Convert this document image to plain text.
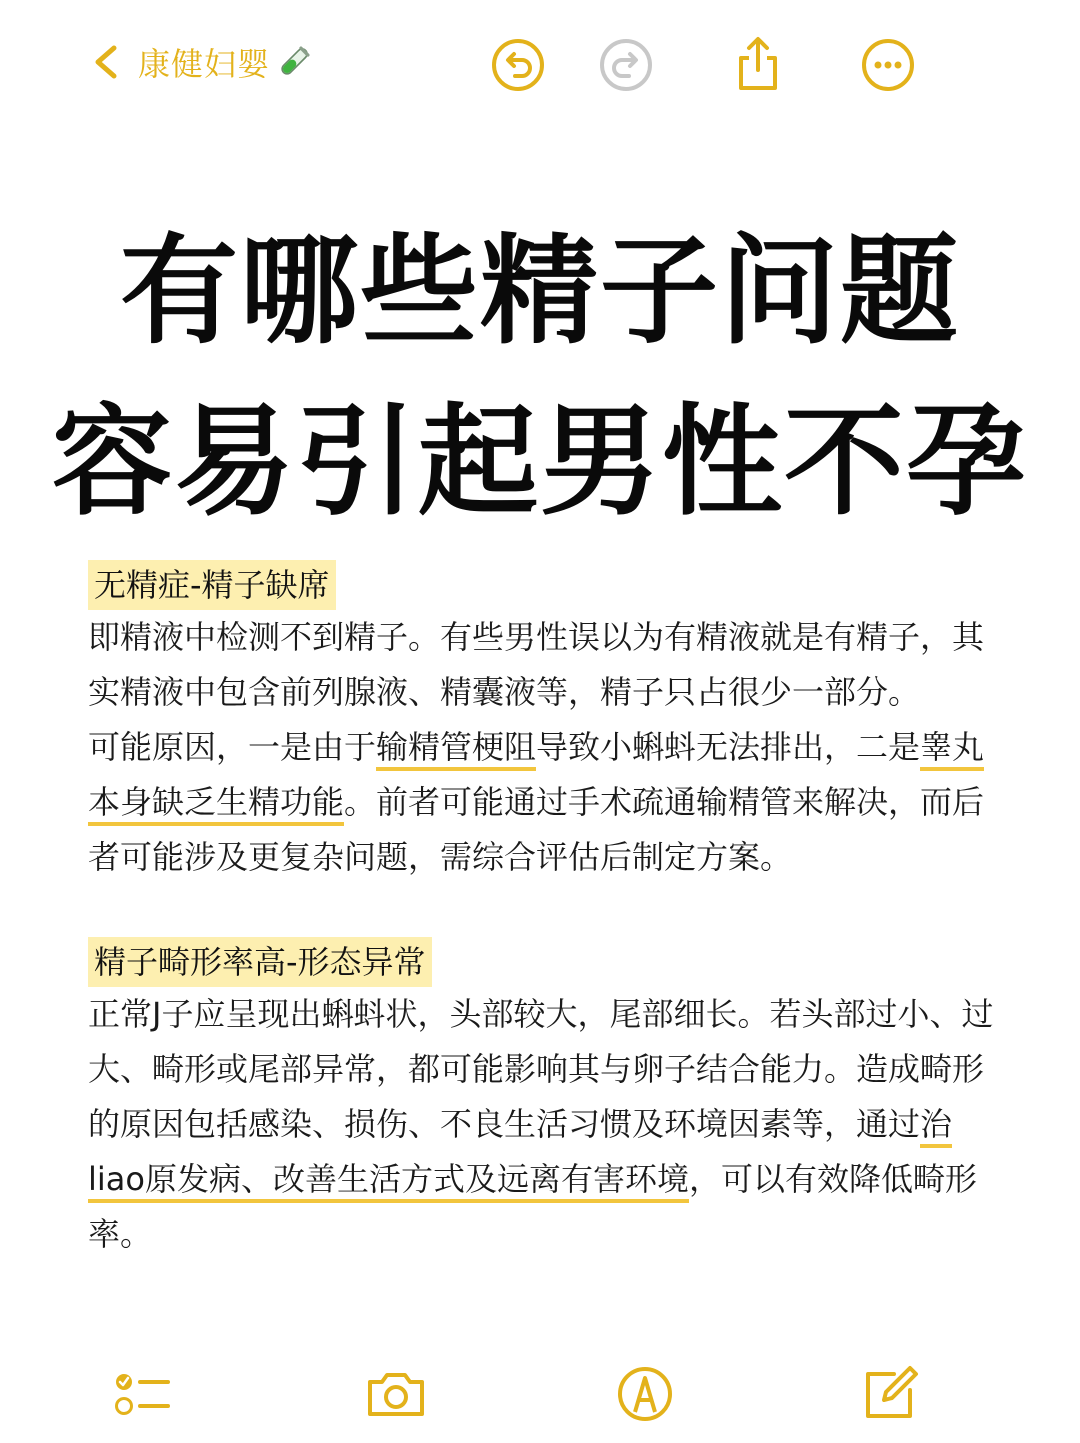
康健妇婴
有哪些精子问题
容易引起男性不孕
无精症-精子缺席

即精液中检测不到精子。有些男性误以为有精液就是有精子，其实精液中包含前列腺液、精囊液等，精子只占很少一部分。

可能原因，一是由于输精管梗阻导致小蝌蚪无法排出，二是睾丸本身缺乏生精功能。前者可能通过手术疏通输精管来解决，而后者可能涉及更复杂问题，需综合评估后制定方案。

精子畸形率高-形态异常

正常J子应呈现出蝌蚪状，头部较大，尾部细长。若头部过小、过大、畸形或尾部异常，都可能影响其与卵子结合能力。造成畸形的原因包括感染、损伤、不良生活习惯及环境因素等，通过治liao原发病、改善生活方式及远离有害环境，可以有效降低畸形率。
